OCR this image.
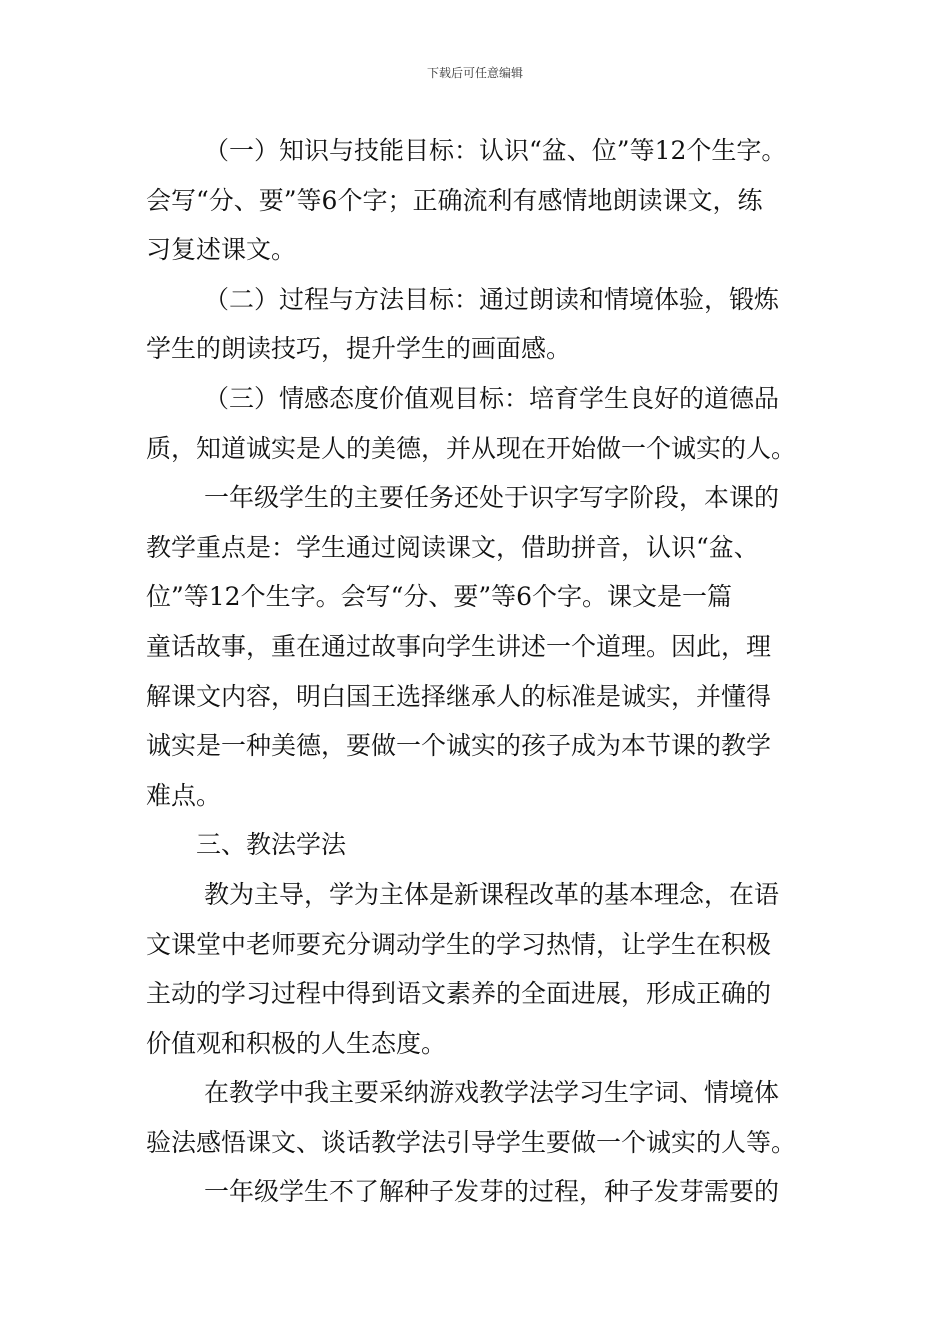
下载后可任意编辑
（一）知识与技能目标：认识“盆、位”等12个生字。
会写“分、要”等6个字；正确流利有感情地朗读课文，练
习复述课文。
（二）过程与方法目标：通过朗读和情境体验，锻炼
学生的朗读技巧，提升学生的画面感。
（三）情感态度价值观目标：培育学生良好的道德品
质，知道诚实是人的美德，并从现在开始做一个诚实的人。
一年级学生的主要任务还处于识字写字阶段，本课的
教学重点是：学生通过阅读课文，借助拼音，认识“盆、
位”等12个生字。会写“分、要”等6个字。课文是一篇
童话故事，重在通过故事向学生讲述一个道理。因此，理
解课文内容，明白国王选择继承人的标准是诚实，并懂得
诚实是一种美德，要做一个诚实的孩子成为本节课的教学
难点。
三、教法学法
教为主导，学为主体是新课程改革的基本理念，在语
文课堂中老师要充分调动学生的学习热情，让学生在积极
主动的学习过程中得到语文素养的全面进展，形成正确的
价值观和积极的人生态度。
在教学中我主要采纳游戏教学法学习生字词、情境体
验法感悟课文、谈话教学法引导学生要做一个诚实的人等。
一年级学生不了解种子发芽的过程，种子发芽需要的
